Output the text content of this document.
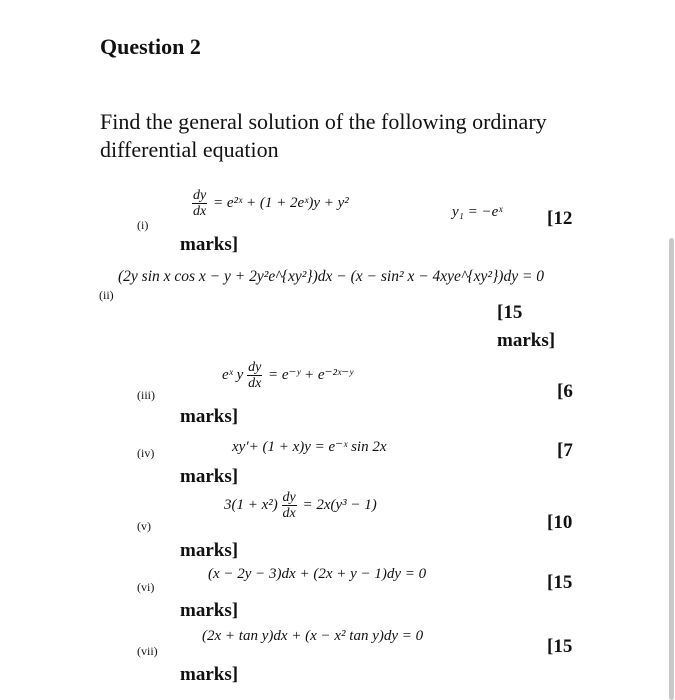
Question 2
Find the general solution of the following ordinary
differential equation
(i)
$\frac{dy}{dx}$ = e²ˣ + (1 + 2eˣ)y + y²
y₁ = −eˣ [12
marks]
(ii)
(2y sin x cos x − y + 2y²e^{xy²})dx − (x − sin² x − 4xye^{xy²})dy = 0
[15
marks]
(iii)
eˣ y $\frac{dy}{dx}$ = e⁻ʸ + e⁻²ˣ⁻ʸ
[6
marks]
(iv)	xy′+ (1 + x)y = e⁻ˣ sin 2x	[7
marks]
(v)
$3(1 + x^2) \frac{dy}{dx} = 2x(y^3 - 1)$
[10
marks]
(vi)
(x − 2y − 3)dx + (2x + y − 1)dy = 0	[15
marks]
(vii)
(2x + tan y)dx + (x − x² tan y)dy = 0	[15
marks]
